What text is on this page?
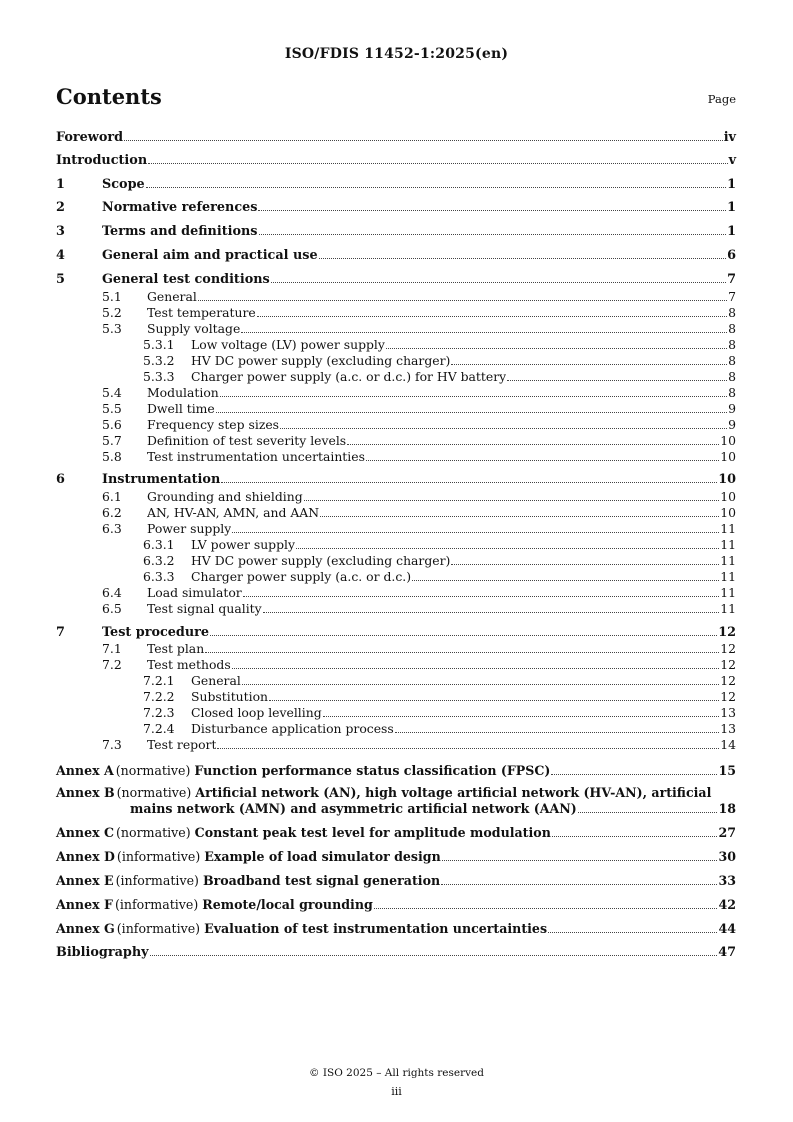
ISO/FDIS 11452-1:2025(en)
Contents	Page
Foreword	iv
Introduction	v
1	Scope	1
2	Normative references	1
3	Terms and definitions	1
4	General aim and practical use	6
5	General test conditions	7
5.1	General	7
5.2	Test temperature	8
5.3	Supply voltage	8
5.3.1	Low voltage (LV) power supply	8
5.3.2	HV DC power supply (excluding charger)	8
5.3.3	Charger power supply (a.c. or d.c.) for HV battery	8
5.4	Modulation	8
5.5	Dwell time	9
5.6	Frequency step sizes	9
5.7	Definition of test severity levels	10
5.8	Test instrumentation uncertainties	10
6	Instrumentation	10
6.1	Grounding and shielding	10
6.2	AN, HV-AN, AMN, and AAN	10
6.3	Power supply	11
6.3.1	LV power supply	11
6.3.2	HV DC power supply (excluding charger)	11
6.3.3	Charger power supply (a.c. or d.c.)	11
6.4	Load simulator	11
6.5	Test signal quality	11
7	Test procedure	12
7.1	Test plan	12
7.2	Test methods	12
7.2.1	General	12
7.2.2	Substitution	12
7.2.3	Closed loop levelling	13
7.2.4	Disturbance application process	13
7.3	Test report	14
Annex A (normative) Function performance status classification (FPSC)	15
Annex B (normative) Artificial network (AN), high voltage artificial network (HV-AN), artificial
mains network (AMN) and asymmetric artificial network (AAN)	18
Annex C (normative) Constant peak test level for amplitude modulation	27
Annex D (informative) Example of load simulator design	30
Annex E (informative) Broadband test signal generation	33
Annex F (informative) Remote/local grounding	42
Annex G (informative) Evaluation of test instrumentation uncertainties	44
Bibliography	47
© ISO 2025 – All rights reserved
iii
